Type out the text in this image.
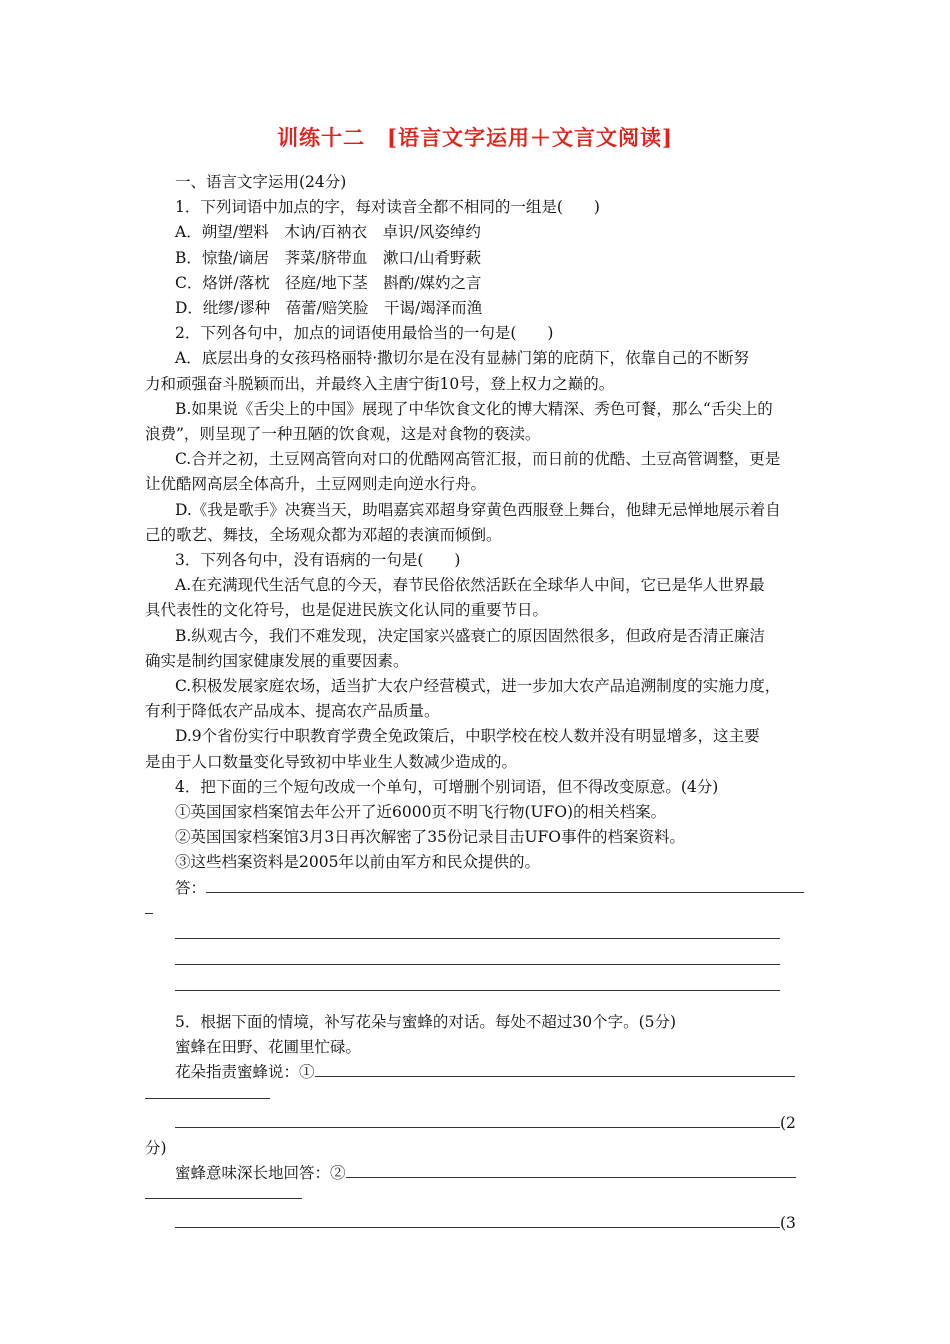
训练十二　[语言文字运用＋文言文阅读]

一、语言文字运用(24分)

1．下列词语中加点的字，每对读音全都不相同的一组是(　　)

A．朔望/塑料　木讷/百衲衣　卓识/风姿绰约

B．惊蛰/谪居　荠菜/脐带血　漱口/山肴野蔌

C．烙饼/落枕　径庭/地下茎　斟酌/媒妁之言

D．纰缪/谬种　蓓蕾/赔笑脸　干谒/竭泽而渔

2．下列各句中，加点的词语使用最恰当的一句是(　　)

A．底层出身的女孩玛格丽特·撒切尔是在没有显赫门第的庇荫下，依靠自己的不断努

力和顽强奋斗脱颖而出，并最终入主唐宁街10号，登上权力之巅的。

B.如果说《舌尖上的中国》展现了中华饮食文化的博大精深、秀色可餐，那么“舌尖上的

浪费”，则呈现了一种丑陋的饮食观，这是对食物的亵渎。

C.合并之初，土豆网高管向对口的优酷网高管汇报，而日前的优酷、土豆高管调整，更是

让优酷网高层全体高升，土豆网则走向逆水行舟。

D.《我是歌手》决赛当天，助唱嘉宾邓超身穿黄色西服登上舞台，他肆无忌惮地展示着自

己的歌艺、舞技，全场观众都为邓超的表演而倾倒。

3．下列各句中，没有语病的一句是(　　)

A.在充满现代生活气息的今天，春节民俗依然活跃在全球华人中间，它已是华人世界最

具代表性的文化符号，也是促进民族文化认同的重要节日。

B.纵观古今，我们不难发现，决定国家兴盛衰亡的原因固然很多，但政府是否清正廉洁

确实是制约国家健康发展的重要因素。

C.积极发展家庭农场，适当扩大农户经营模式，进一步加大农产品追溯制度的实施力度，

有利于降低农产品成本、提高农产品质量。

D.9个省份实行中职教育学费全免政策后，中职学校在校人数并没有明显增多，这主要

是由于人口数量变化导致初中毕业生人数减少造成的。

4．把下面的三个短句改成一个单句，可增删个别词语，但不得改变原意。(4分)

①英国国家档案馆去年公开了近6000页不明飞行物(UFO)的相关档案。

②英国国家档案馆3月3日再次解密了35份记录目击UFO事件的档案资料。

③这些档案资料是2005年以前由军方和民众提供的。

答：

5．根据下面的情境，补写花朵与蜜蜂的对话。每处不超过30个字。(5分)

蜜蜂在田野、花圃里忙碌。

花朵指责蜜蜂说：①

(2

分)

蜜蜂意味深长地回答：②

(3
